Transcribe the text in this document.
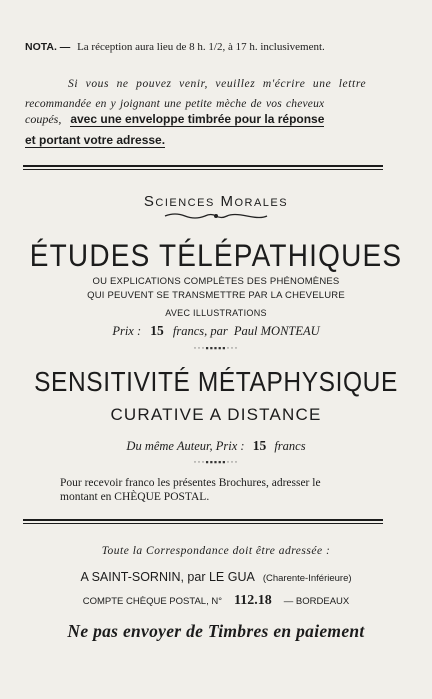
NOTA. — La réception aura lieu de 8 h. 1/2, à 17 h. inclusivement.
Si vous ne pouvez venir, veuillez m'écrire une lettre
recommandée en y joignant une petite mèche de vos cheveux
coupés, avec une enveloppe timbrée pour la réponse
et portant votre adresse.
Sciences Morales
ÉTUDES TÉLÉPATHIQUES
OU EXPLICATIONS COMPLÈTES DES PHÉNOMÈNES
QUI PEUVENT SE TRANSMETTRE PAR LA CHEVELURE
AVEC ILLUSTRATIONS
Prix : 15 francs, par Paul MONTEAU
···▪▪▪▪▪···
SENSITIVITÉ MÉTAPHYSIQUE
CURATIVE A DISTANCE
Du même Auteur, Prix : 15 francs
···▪▪▪▪▪···
Pour recevoir franco les présentes Brochures, adresser le
montant en CHÈQUE POSTAL.
Toute la Correspondance doit être adressée :
A SAINT-SORNIN, par LE GUA (Charente-Inférieure)
COMPTE CHÈQUE POSTAL, N° 112.18 — BORDEAUX
Ne pas envoyer de Timbres en paiement
